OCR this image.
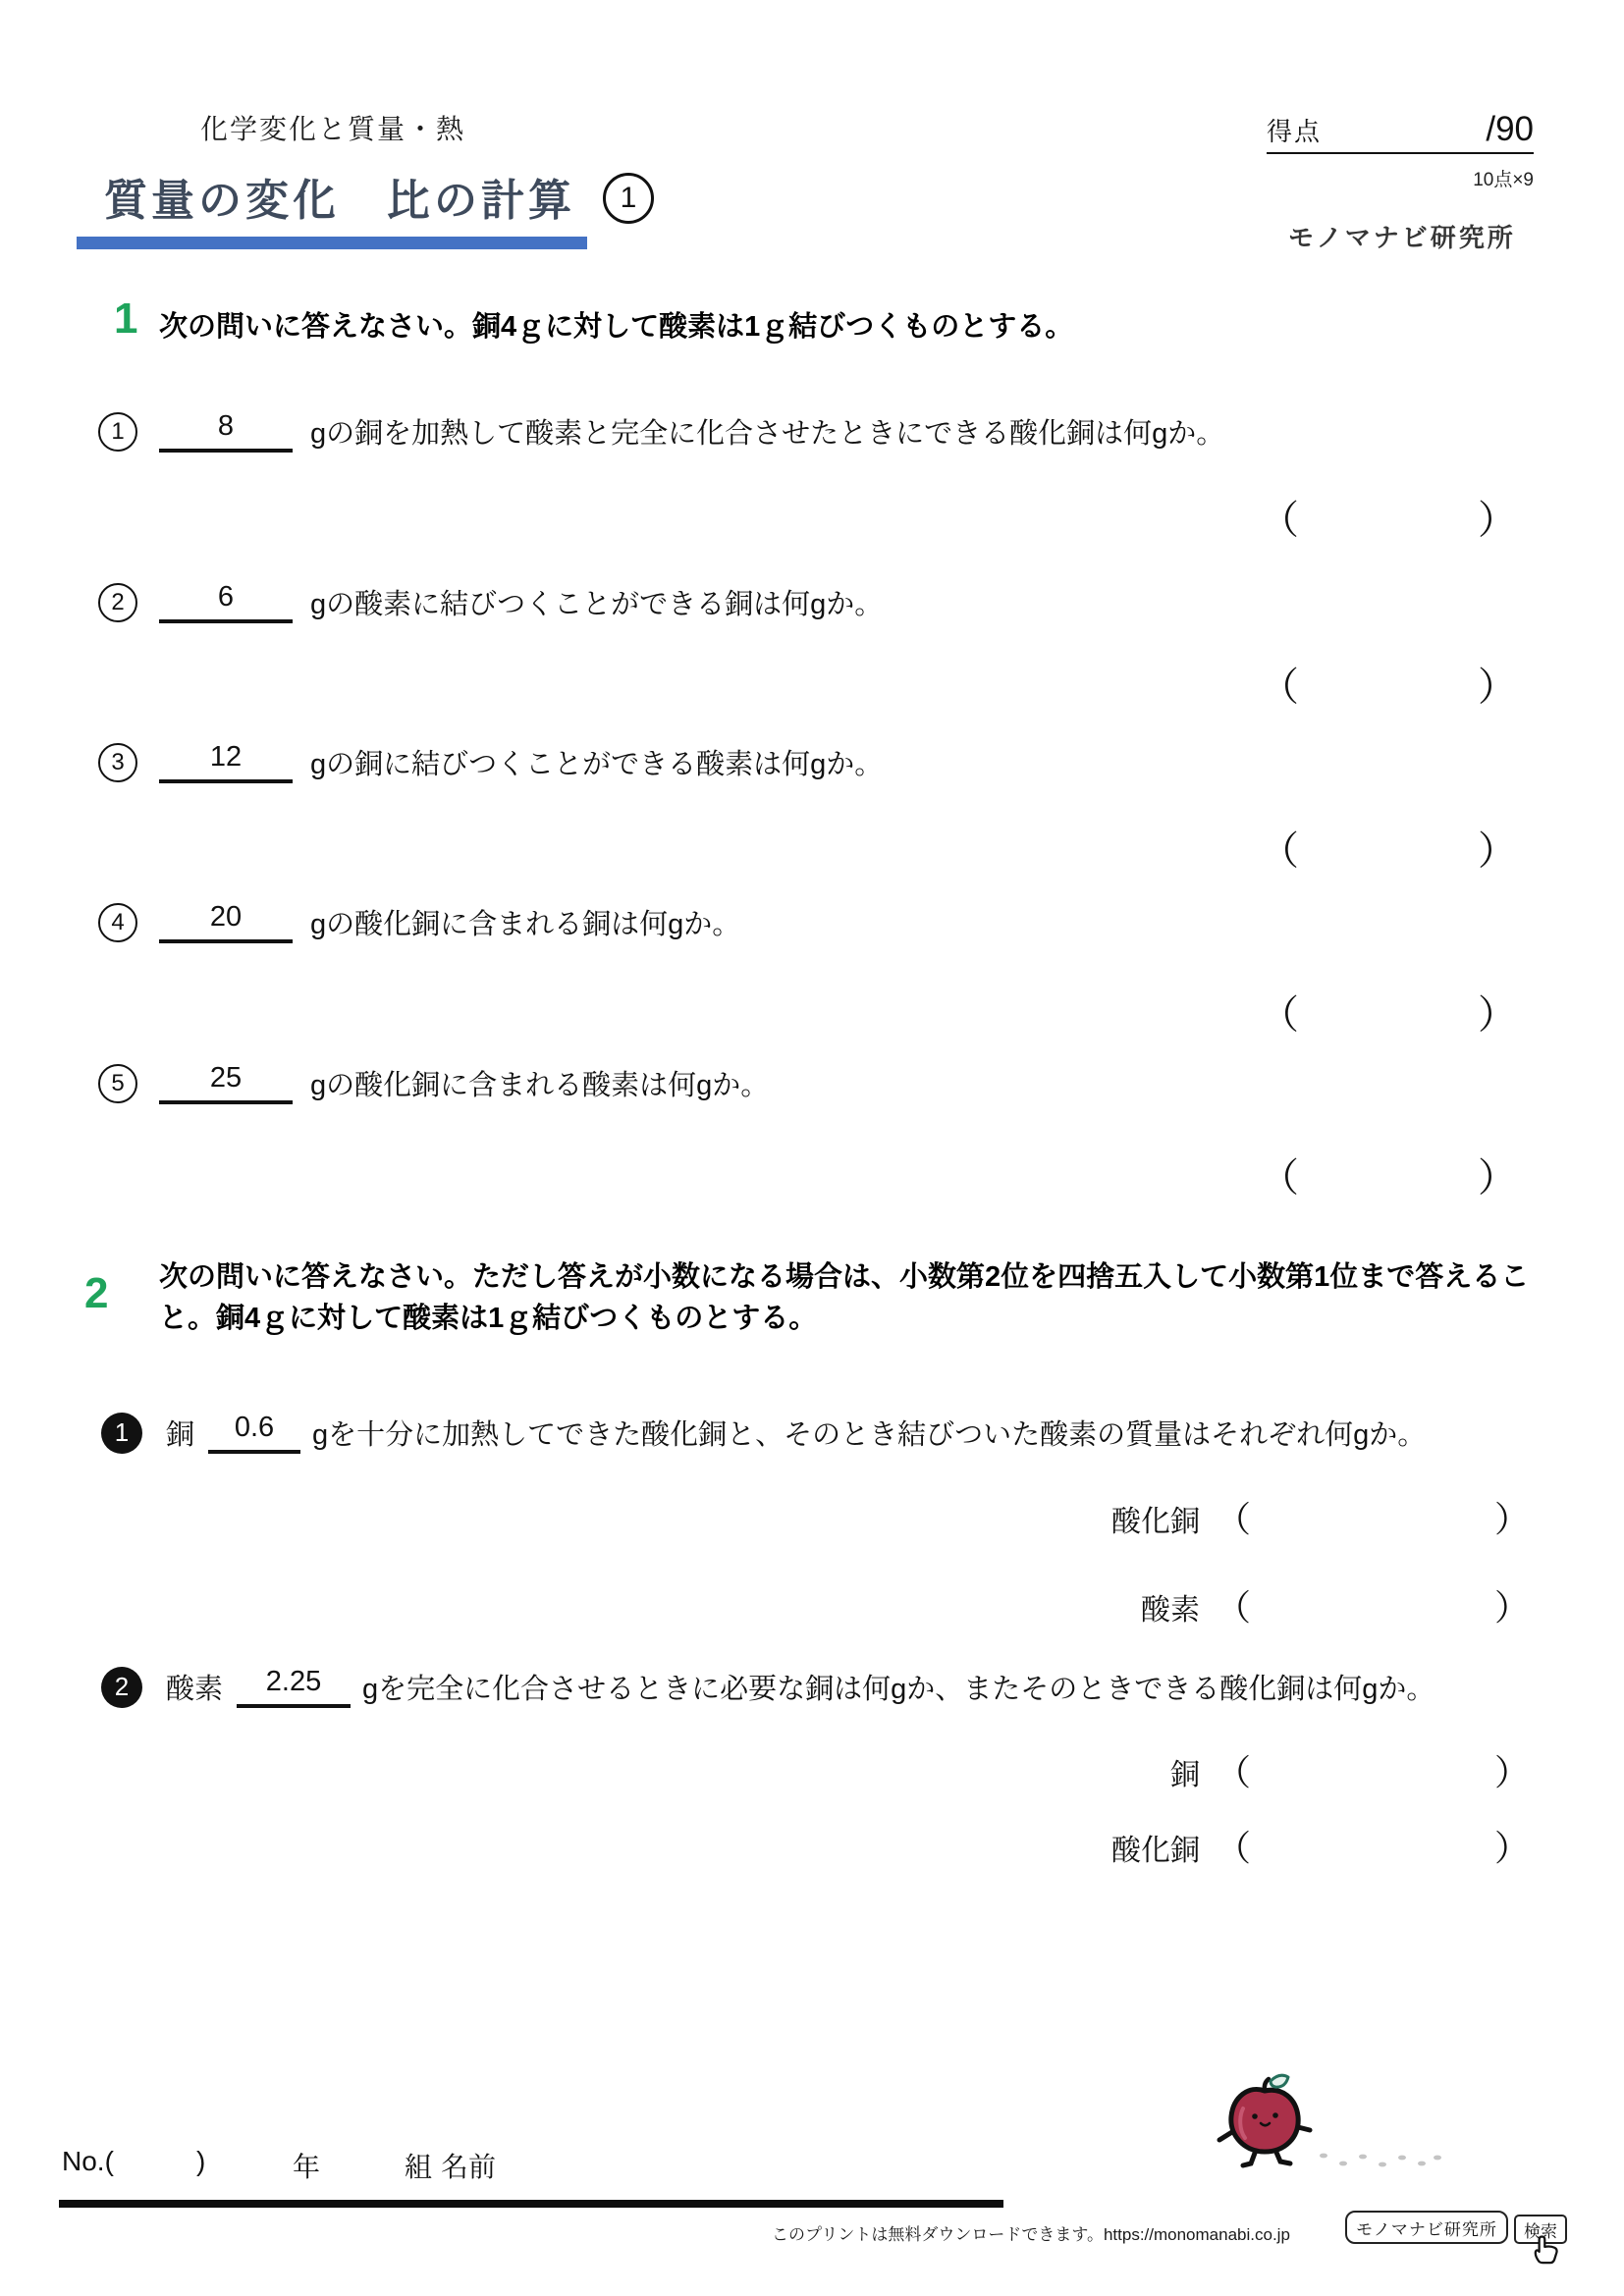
化学変化と質量・熱
質量の変化　比の計算	1
得点	/90
10点×9
モノマナビ研究所
1 次の問いに答えなさい。銅4ｇに対して酸素は1ｇ結びつくものとする。
1	8	gの銅を加熱して酸素と完全に化合させたときにできる酸化銅は何gか。
（	）
2	6	gの酸素に結びつくことができる銅は何gか。
（	）
3	12	gの銅に結びつくことができる酸素は何gか。
（	）
4	20	gの酸化銅に含まれる銅は何gか。
（	）
5	25	gの酸化銅に含まれる酸素は何gか。
（	）
2 次の問いに答えなさい。ただし答えが小数になる場合は、小数第2位を四捨五入して小数第1位まで答えること。銅4ｇに対して酸素は1ｇ結びつくものとする。
1	銅	0.6	gを十分に加熱してできた酸化銅と、そのとき結びついた酸素の質量はそれぞれ何gか。
酸化銅 （	）
酸素 （	）
2	酸素	2.25	gを完全に化合させるときに必要な銅は何gか、またそのときできる酸化銅は何gか。
銅 （	）
酸化銅 （	）
No.(	)	年	組 名前
このプリントは無料ダウンロードできます。https://monomanabi.co.jp	モノマナビ研究所	検索
